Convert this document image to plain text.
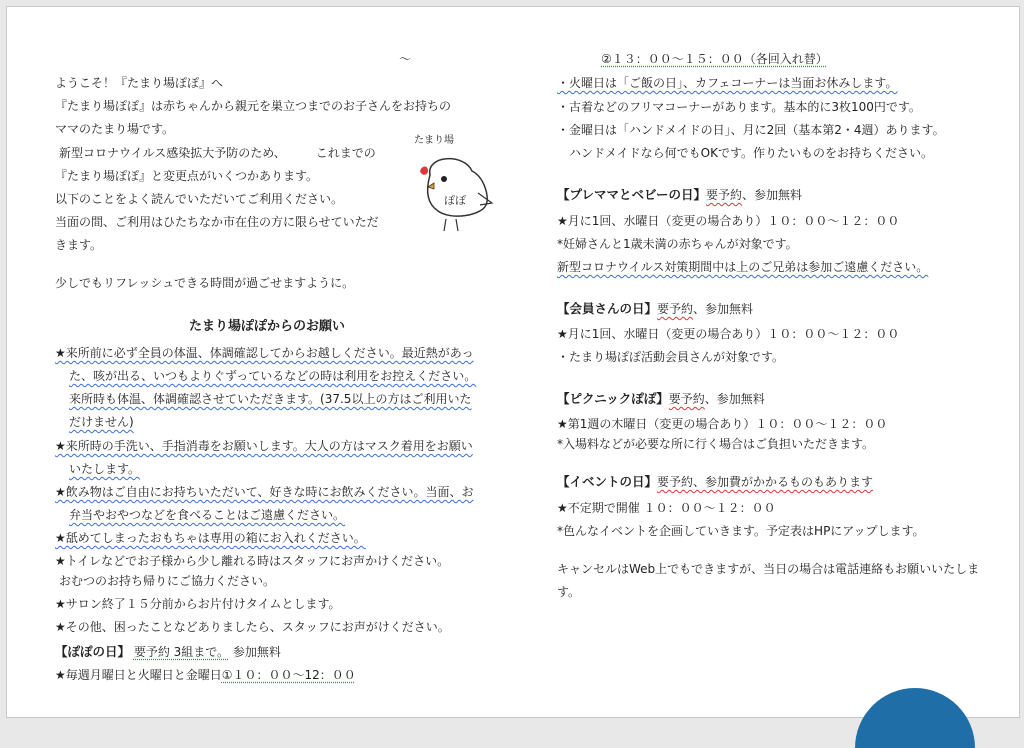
～

ようこそ！『たまり場ぽぽ』へ

『たまり場ぽぽ』は赤ちゃんから親元を巣立つまでのお子さんをお持ちの

ママのたまり場です。

新型コロナウイルス感染拡大予防のため、　　　これまでの

『たまり場ぽぽ』と変更点がいくつかあります。

以下のことをよく読んでいただいてご利用ください。

当面の間、ご利用はひたちなか市在住の方に限らせていただ

きます。

少しでもリフレッシュできる時間が過ごせますように。

たまり場
ぽぽ

たまり場ぽぽからのお願い

★来所前に必ず全員の体温、体調確認してからお越しください。最近熱があっ

た、咳が出る、いつもよりぐずっているなどの時は利用をお控えください。

来所時も体温、体調確認させていただきます。(37.5以上の方はご利用いた

だけません)

★来所時の手洗い、手指消毒をお願いします。大人の方はマスク着用をお願い

いたします。

★飲み物はご自由にお持ちいただいて、好きな時にお飲みください。当面、お

弁当やおやつなどを食べることはご遠慮ください。

★舐めてしまったおもちゃは専用の箱にお入れください。

★トイレなどでお子様から少し離れる時はスタッフにお声かけください。

おむつのお持ち帰りにご協力ください。

★サロン終了１５分前からお片付けタイムとします。

★その他、困ったことなどありましたら、スタッフにお声がけください。

【ぽぽの日】 要予約 3組まで。 参加無料

★毎週月曜日と火曜日と金曜日①１０：００～12：００

②１３：００～１５：００（各回入れ替）

・火曜日は「ご飯の日」、カフェコーナーは当面お休みします。

・古着などのフリマコーナーがあります。基本的に3枚100円です。

・金曜日は「ハンドメイドの日」、月に2回（基本第2・4週）あります。

ハンドメイドなら何でもOKです。作りたいものをお持ちください。

【プレママとベビーの日】要予約、参加無料

★月に1回、水曜日（変更の場合あり）１０：００～１２：００

*妊婦さんと1歳未満の赤ちゃんが対象です。

新型コロナウイルス対策期間中は上のご兄弟は参加ご遠慮ください。

【会員さんの日】要予約、参加無料

★月に1回、水曜日（変更の場合あり）１０：００～１２：００

・たまり場ぽぽ活動会員さんが対象です。

【ピクニックぽぽ】要予約、参加無料

★第1週の木曜日（変更の場合あり）１０：００～１２：００

*入場料などが必要な所に行く場合はご負担いただきます。

【イベントの日】要予約、参加費がかかるものもあります

★不定期で開催 １０：００～１２：００

*色んなイベントを企画していきます。予定表はHPにアップします。

キャンセルはWeb上でもできますが、当日の場合は電話連絡もお願いいたしま

す。
